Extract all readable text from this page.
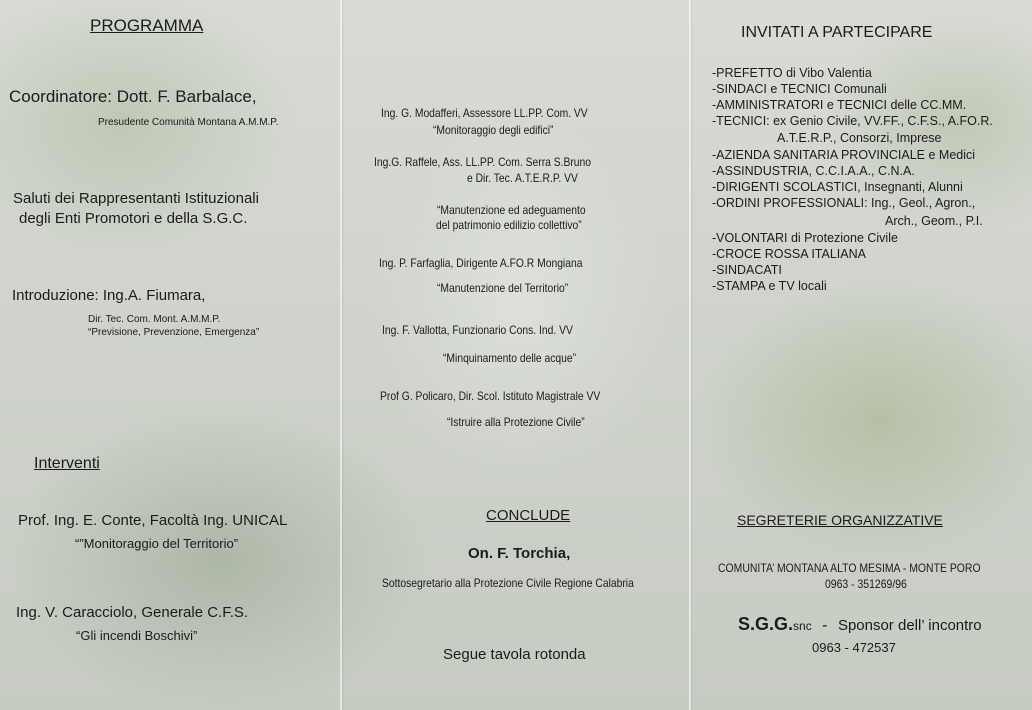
PROGRAMMA
Coordinatore: Dott. F. Barbalace,
Presudente Comunità Montana A.M.M.P.
Saluti dei Rappresentanti Istituzionali
degli Enti Promotori e della S.G.C.
Introduzione: Ing.A. Fiumara,
Dir. Tec. Com. Mont. A.M.M.P.
“Previsione, Prevenzione, Emergenza”
Interventi
Prof. Ing. E. Conte, Facoltà Ing. UNICAL
“”Monitoraggio del Territorio”
Ing. V. Caracciolo, Generale C.F.S.
“Gli incendi Boschivi”
Ing. G. Modafferi, Assessore LL.PP. Com. VV
“Monitoraggio degli edifici”
Ing.G. Raffele, Ass. LL.PP. Com. Serra S.Bruno
e Dir. Tec. A.T.E.R.P. VV
“Manutenzione ed adeguamento
del patrimonio edilizio collettivo”
Ing. P. Farfaglia, Dirigente A.FO.R Mongiana
“Manutenzione del Territorio”
Ing. F. Vallotta, Funzionario Cons. Ind. VV
“Minquinamento delle acque”
Prof G. Policaro, Dir. Scol. Istituto Magistrale VV
“Istruire alla Protezione Civile”
CONCLUDE
On. F. Torchia,
Sottosegretario alla Protezione Civile Regione Calabria
Segue tavola rotonda
INVITATI A PARTECIPARE
-PREFETTO di Vibo Valentia
-SINDACI e TECNICI Comunali
-AMMINISTRATORI e TECNICI delle CC.MM.
-TECNICI: ex Genio Civile, VV.FF., C.F.S., A.FO.R.
A.T.E.R.P., Consorzi, Imprese
-AZIENDA SANITARIA PROVINCIALE e Medici
-ASSINDUSTRIA, C.C.I.A.A., C.N.A.
-DIRIGENTI SCOLASTICI, Insegnanti, Alunni
-ORDINI PROFESSIONALI: Ing., Geol., Agron.,
Arch., Geom., P.I.
-VOLONTARI di Protezione Civile
-CROCE ROSSA ITALIANA
-SINDACATI
-STAMPA e TV locali
SEGRETERIE ORGANIZZATIVE
COMUNITA’ MONTANA ALTO MESIMA - MONTE PORO
0963 - 351269/96
S.G.G.snc - Sponsor dell’ incontro
0963 - 472537
